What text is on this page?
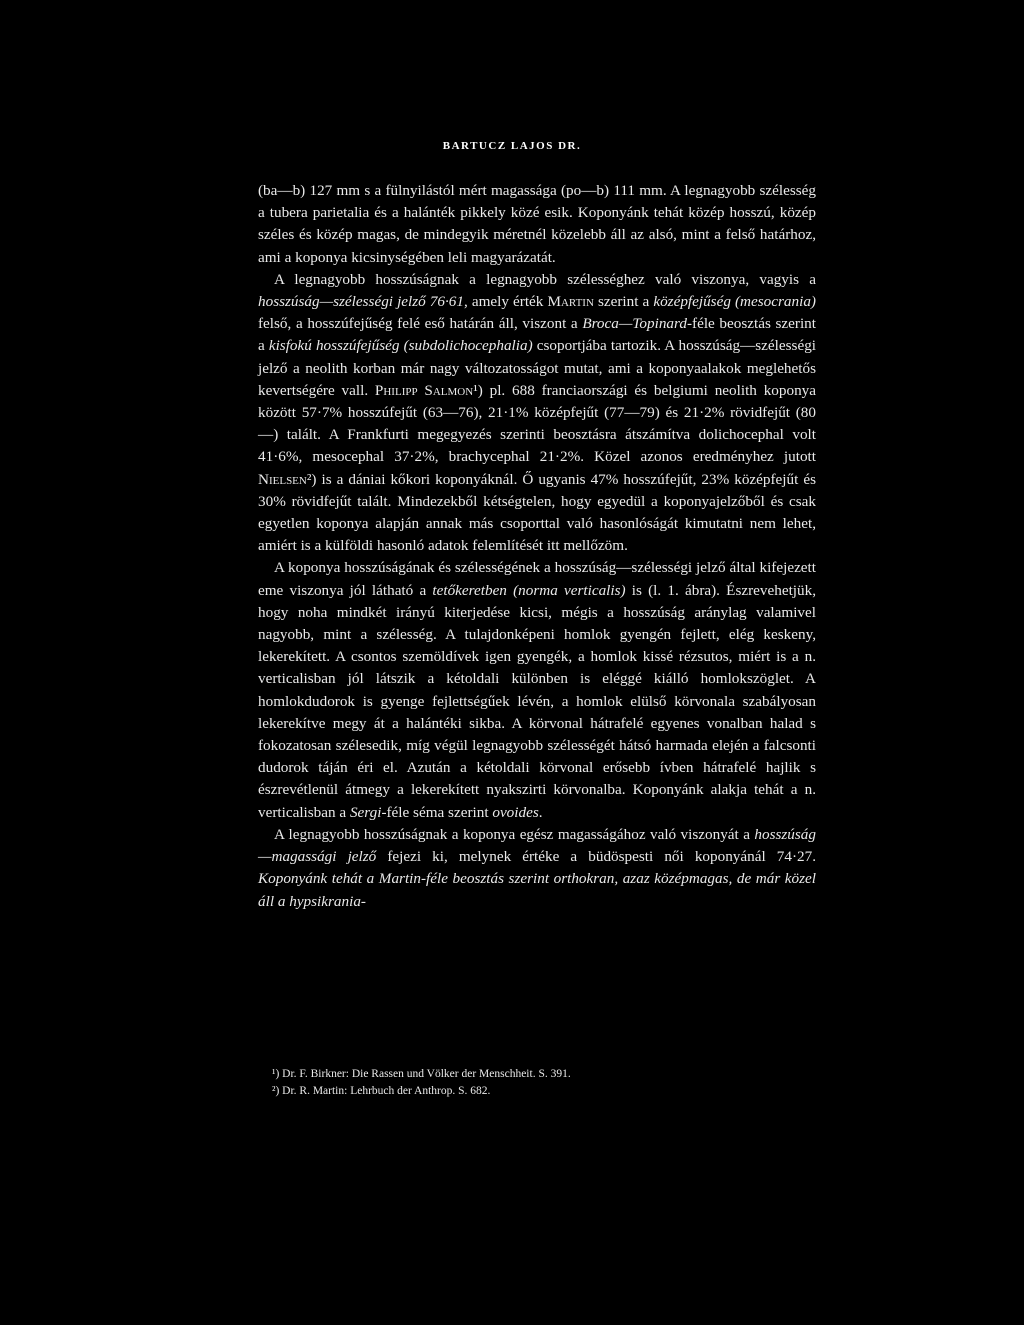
BARTUCZ LAJOS DR.

(ba—b) 127 mm s a fülnyilástól mért magassága (po—b) 111 mm. A legnagyobb szélesség a tubera parietalia és a halánték pikkely közé esik. Koponyánk tehát közép hosszú, közép széles és közép magas, de mindegyik méretnél közelebb áll az alsó, mint a felső határhoz, ami a koponya kicsinységében leli magyarázatát.

A legnagyobb hosszúságnak a legnagyobb szélességhez való viszonya, vagyis a hosszúság—szélességi jelző 76·61, amely érték Martin szerint a középfejűség (mesocrania) felső, a hosszúfejűség felé eső határán áll, viszont a Broca—Topinard-féle beosztás szerint a kisfokú hosszúfejűség (subdolichocephalia) csoportjába tartozik. A hosszúság—szélességi jelző a neolith korban már nagy változatosságot mutat, ami a koponyaalakok meglehetős kevertségére vall. Philipp Salmon¹) pl. 688 franciaországi és belgiumi neolith koponya között 57·7% hosszúfejűt (63—76), 21·1% középfejűt (77—79) és 21·2% rövidfejűt (80—) talált. A Frankfurti megegyezés szerinti beosztásra átszámítva dolichocephal volt 41·6%, mesocephal 37·2%, brachycephal 21·2%. Közel azonos eredményhez jutott Nielsen²) is a dániai kőkori koponyáknál. Ő ugyanis 47% hosszúfejűt, 23% középfejűt és 30% rövidfejűt talált. Mindezekből kétségtelen, hogy egyedül a koponyajelzőből és csak egyetlen koponya alapján annak más csoporttal való hasonlóságát kimutatni nem lehet, amiért is a külföldi hasonló adatok felemlítését itt mellőzöm.

A koponya hosszúságának és szélességének a hosszúság—szélességi jelző által kifejezett eme viszonya jól látható a tetőkeretben (norma verticalis) is (l. 1. ábra). Észrevehetjük, hogy noha mindkét irányú kiterjedése kicsi, mégis a hosszúság aránylag valamivel nagyobb, mint a szélesség. A tulajdonképeni homlok gyengén fejlett, elég keskeny, lekerekített. A csontos szemöldívek igen gyengék, a homlok kissé rézsutos, miért is a n. verticalisban jól látszik a kétoldali különben is eléggé kiálló homlokszöglet. A homlokdudorok is gyenge fejlettségűek lévén, a homlok elülső körvonala szabályosan lekerekítve megy át a halántéki sikba. A körvonal hátrafelé egyenes vonalban halad s fokozatosan szélesedik, míg végül legnagyobb szélességét hátsó harmada elején a falcsonti dudorok táján éri el. Azután a kétoldali körvonal erősebb ívben hátrafelé hajlik s észrevétlenül átmegy a lekerekített nyakszirti körvonalba. Koponyánk alakja tehát a n. verticalisban a Sergi-féle séma szerint ovoides.

A legnagyobb hosszúságnak a koponya egész magasságához való viszonyát a hosszúság—magassági jelző fejezi ki, melynek értéke a büdöspesti női koponyánál 74·27. Koponyánk tehát a Martin-féle beosztás szerint orthokran, azaz középmagas, de már közel áll a hypsikrania-

¹) Dr. F. Birkner: Die Rassen und Völker der Menschheit. S. 391.

²) Dr. R. Martin: Lehrbuch der Anthrop. S. 682.
